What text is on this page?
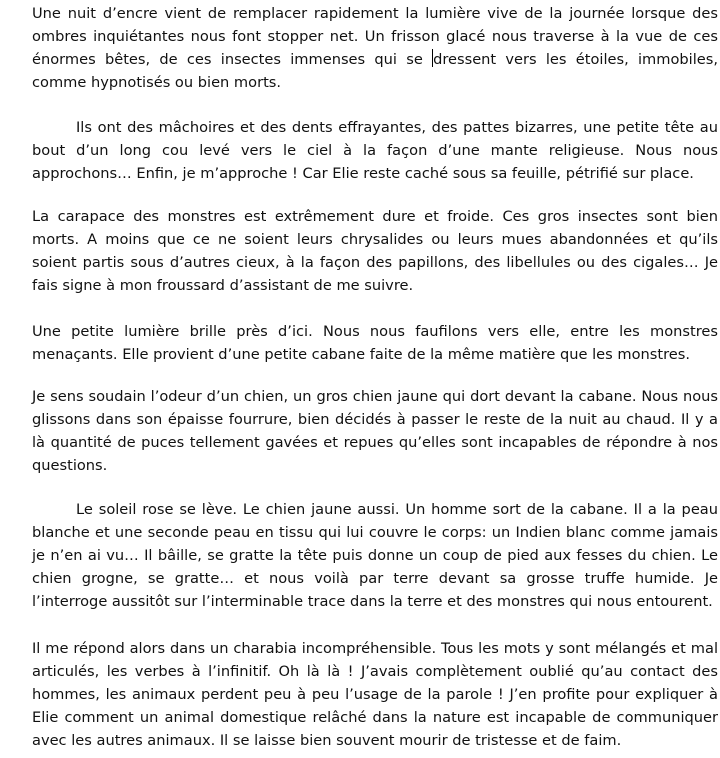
Une nuit d’encre vient de remplacer rapidement la lumière vive de la journée lorsque des ombres inquiétantes nous font stopper net. Un frisson glacé nous traverse à la vue de ces énormes bêtes, de ces insectes immenses qui se dressent vers les étoiles, immobiles, comme hypnotisés ou bien morts.

Ils ont des mâchoires et des dents effrayantes, des pattes bizarres, une petite tête au bout d’un long cou levé vers le ciel à la façon d’une mante religieuse. Nous nous approchons… Enfin, je m’approche ! Car Elie reste caché sous sa feuille, pétrifié sur place.

La carapace des monstres est extrêmement dure et froide. Ces gros insectes sont bien morts. A moins que ce ne soient leurs chrysalides ou leurs mues abandonnées et qu’ils soient partis sous d’autres cieux, à la façon des papillons, des libellules ou des cigales… Je fais signe à mon froussard d’assistant de me suivre.

Une petite lumière brille près d’ici. Nous nous faufilons vers elle, entre les monstres menaçants. Elle provient d’une petite cabane faite de la même matière que les monstres.

Je sens soudain l’odeur d’un chien, un gros chien jaune qui dort devant la cabane. Nous nous glissons dans son épaisse fourrure, bien décidés à passer le reste de la nuit au chaud. Il y a là quantité de puces tellement gavées et repues qu’elles sont incapables de répondre à nos questions.

Le soleil rose se lève. Le chien jaune aussi. Un homme sort de la cabane. Il a la peau blanche et une seconde peau en tissu qui lui couvre le corps: un Indien blanc comme jamais je n’en ai vu… Il bâille, se gratte la tête puis donne un coup de pied aux fesses du chien. Le chien grogne, se gratte… et nous voilà par terre devant sa grosse truffe humide. Je l’interroge aussitôt sur l’interminable trace dans la terre et des monstres qui nous entourent.

Il me répond alors dans un charabia incompréhensible. Tous les mots y sont mélangés et mal articulés, les verbes à l’infinitif. Oh là là ! J’avais complètement oublié qu’au contact des hommes, les animaux perdent peu à peu l’usage de la parole ! J’en profite pour expliquer à Elie comment un animal domestique relâché dans la nature est incapable de communiquer avec les autres animaux. Il se laisse bien souvent mourir de tristesse et de faim.
